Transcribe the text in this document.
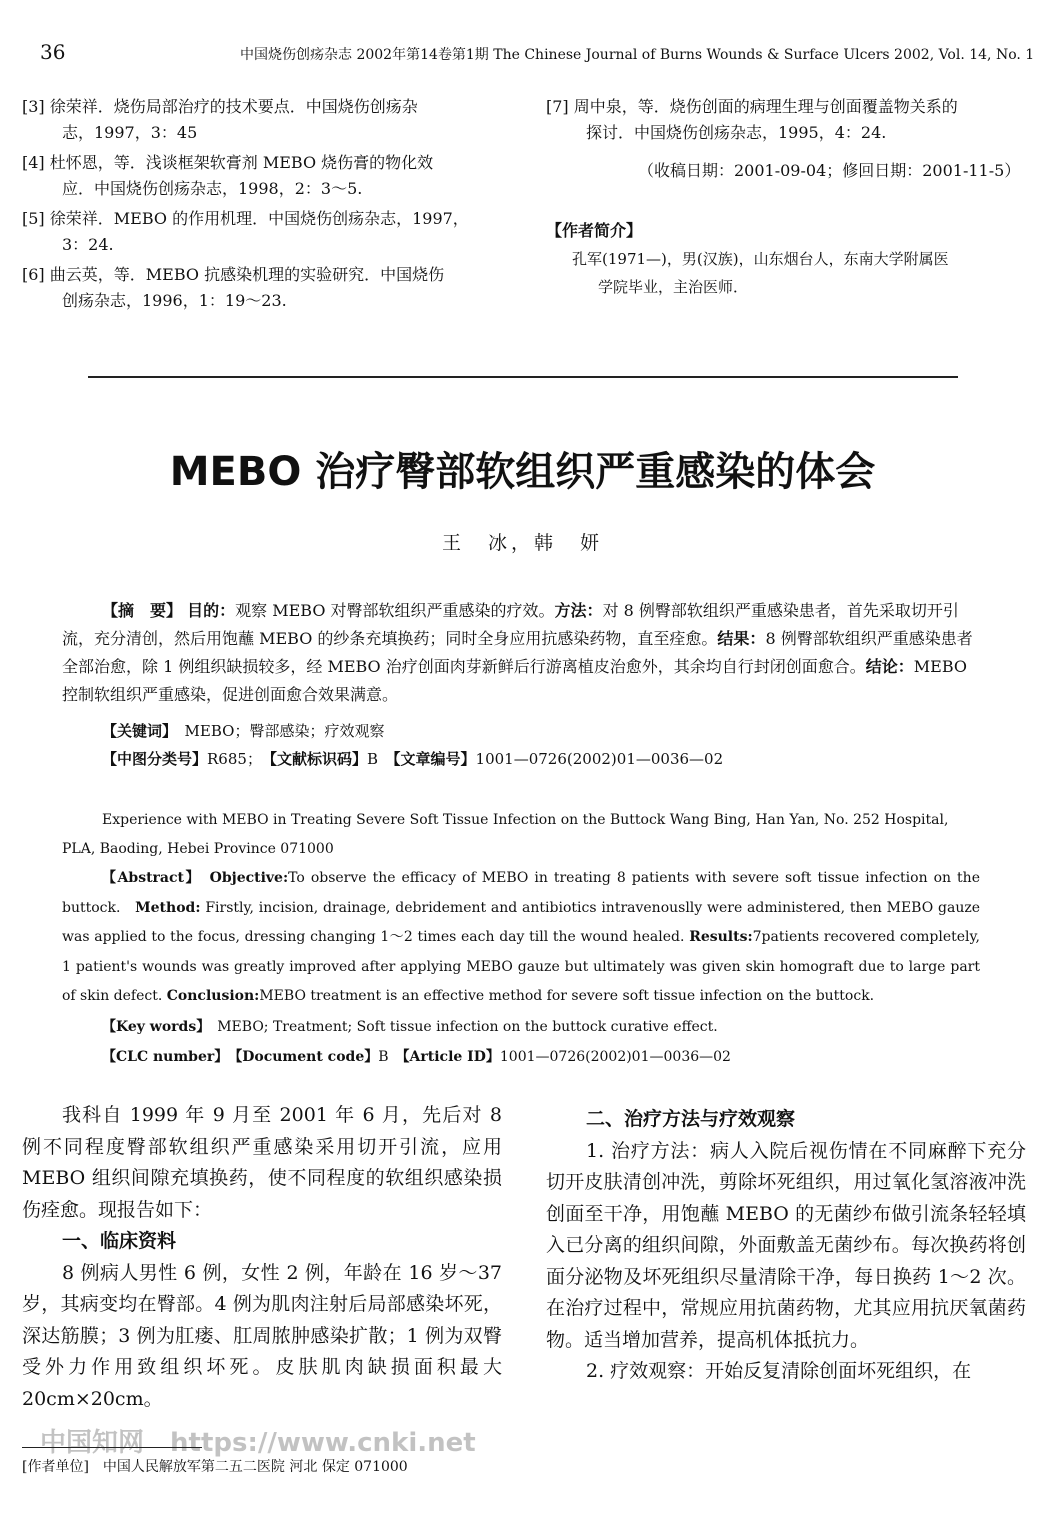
36	中国烧伤创疡杂志 2002年第14卷第1期 The Chinese Journal of Burns Wounds & Surface Ulcers 2002, Vol. 14, No. 1
[3] 徐荣祥．烧伤局部治疗的技术要点．中国烧伤创疡杂
志，1997，3：45
[4] 杜怀恩，等．浅谈框架软膏剂 MEBO 烧伤膏的物化效
应．中国烧伤创疡杂志，1998，2：3～5.
[5] 徐荣祥．MEBO 的作用机理．中国烧伤创疡杂志，1997，
3：24.
[6] 曲云英，等．MEBO 抗感染机理的实验研究．中国烧伤
创疡杂志，1996，1：19～23.
[7] 周中泉，等．烧伤创面的病理生理与创面覆盖物关系的
探讨．中国烧伤创疡杂志，1995，4：24.
（收稿日期：2001-09-04；修回日期：2001-11-5）
【作者简介】
孔军(1971—)，男(汉族)，山东烟台人，东南大学附属医
学院毕业，主治医师．
MEBO 治疗臀部软组织严重感染的体会
王　冰，韩　妍
【摘　要】 目的：观察 MEBO 对臀部软组织严重感染的疗效。方法：对 8 例臀部软组织严重感染患者，首先采取切开引流，充分清创，然后用饱蘸 MEBO 的纱条充填换药；同时全身应用抗感染药物，直至痊愈。结果：8 例臀部软组织严重感染患者全部治愈，除 1 例组织缺损较多，经 MEBO 治疗创面肉芽新鲜后行游离植皮治愈外，其余均自行封闭创面愈合。结论：MEBO 控制软组织严重感染，促进创面愈合效果满意。
【关键词】　 MEBO；臀部感染；疗效观察
【中图分类号】R685；　 【文献标识码】B　 【文章编号】1001—0726(2002)01—0036—02
Experience with MEBO in Treating Severe Soft Tissue Infection on the Buttock Wang Bing, Han Yan, No. 252 Hospital,
PLA, Baoding, Hebei Province 071000
【Abstract】　 Objective:To observe the efficacy of MEBO in treating 8 patients with severe soft tissue infection on the buttock.　 Method: Firstly, incision, drainage, debridement and antibiotics intravenouslly were administered, then MEBO gauze was applied to the focus, dressing changing 1～2 times each day till the wound healed. Results:7patients recovered completely, 1 patient's wounds was greatly improved after applying MEBO gauze but ultimately was given skin homograft due to large part of skin defect. Conclusion:MEBO treatment is an effective method for severe soft tissue infection on the buttock.
【Key words】　 MEBO; Treatment; Soft tissue infection on the buttock curative effect.
【CLC number】　 【Document code】B　 【Article ID】1001—0726(2002)01—0036—02

我科自 1999 年 9 月至 2001 年 6 月，先后对 8 例不同程度臀部软组织严重感染采用切开引流，应用 MEBO 组织间隙充填换药，使不同程度的软组织感染损伤痊愈。现报告如下：

一、临床资料

8 例病人男性 6 例，女性 2 例，年龄在 16 岁～37 岁，其病变均在臀部。4 例为肌肉注射后局部感染坏死，深达筋膜；3 例为肛瘘、肛周脓肿感染扩散；1 例为双臀受外力作用致组织坏死。皮肤肌肉缺损面积最大 20cm×20cm。

二、治疗方法与疗效观察

1. 治疗方法：病人入院后视伤情在不同麻醉下充分切开皮肤清创冲洗，剪除坏死组织，用过氧化氢溶液冲洗创面至干净，用饱蘸 MEBO 的无菌纱布做引流条轻轻填入已分离的组织间隙，外面敷盖无菌纱布。每次换药将创面分泌物及坏死组织尽量清除干净，每日换药 1～2 次。在治疗过程中，常规应用抗菌药物，尤其应用抗厌氧菌药物。适当增加营养，提高机体抵抗力。

2. 疗效观察：开始反复清除创面坏死组织，在

中国知网　https://www.cnki.net
[作者单位]　中国人民解放军第二五二医院 河北 保定 071000
